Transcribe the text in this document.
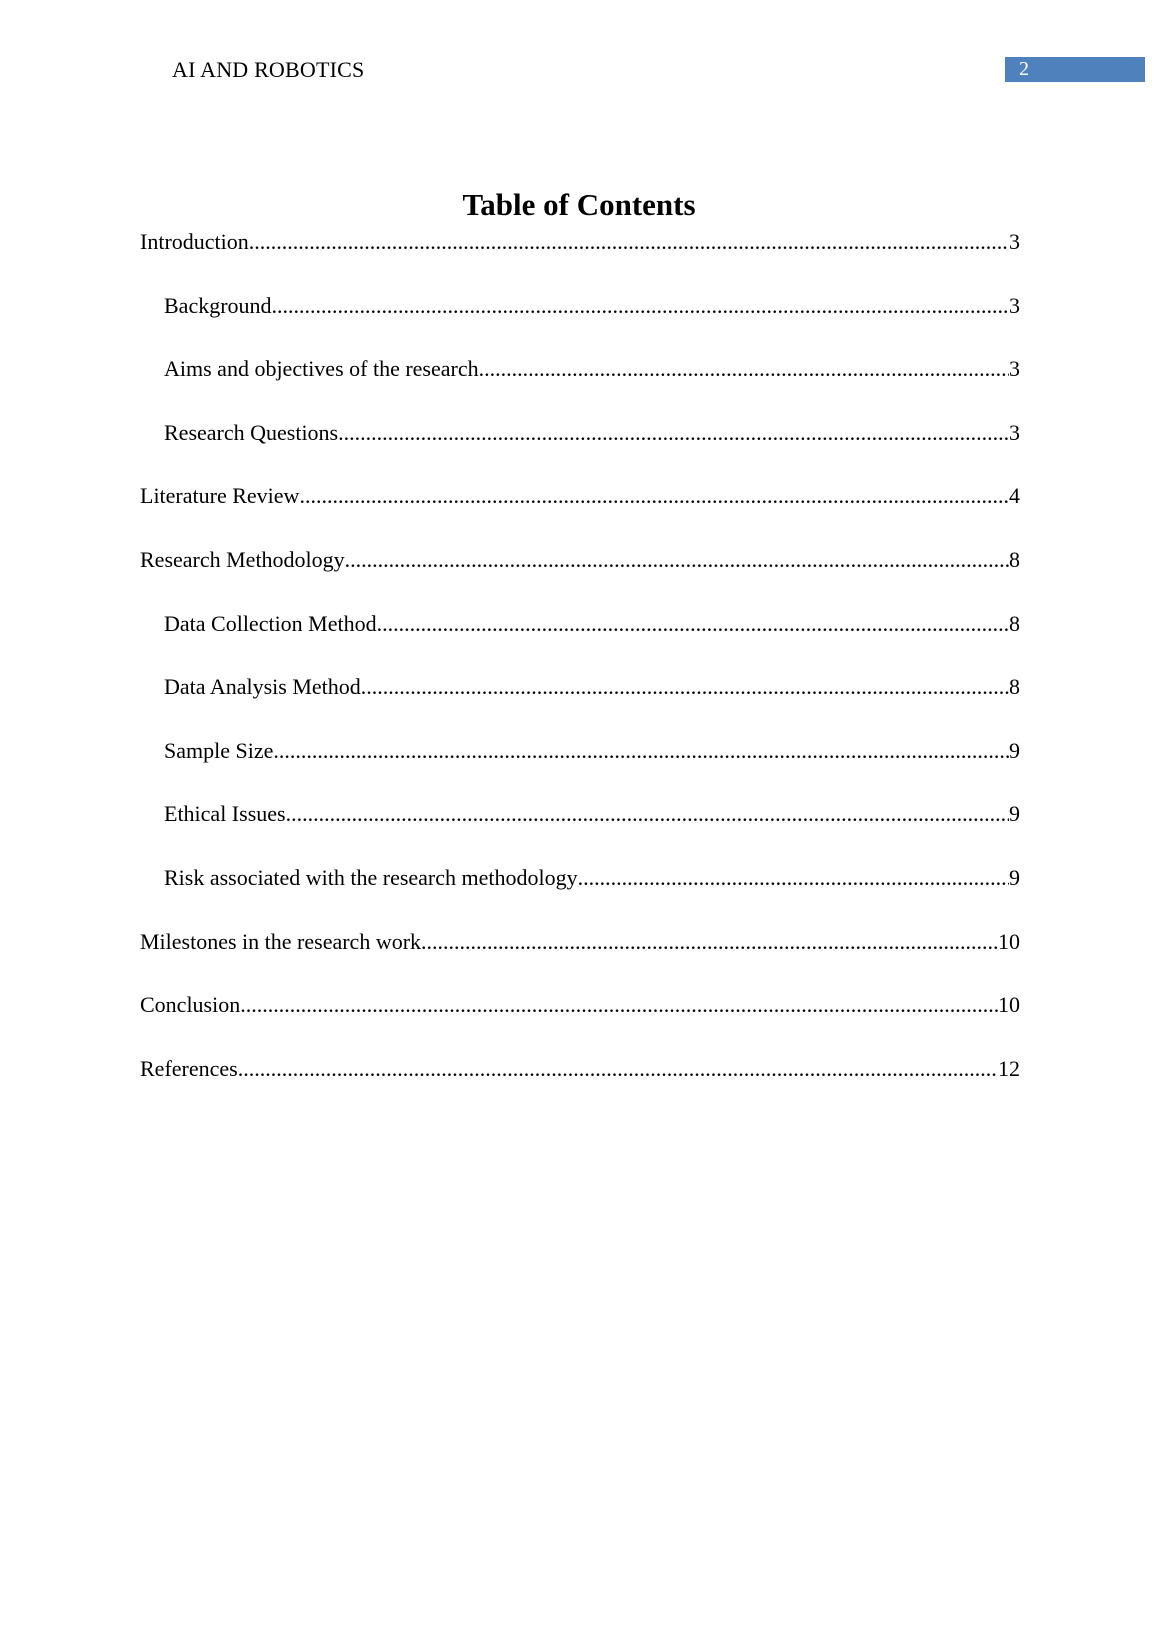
AI AND ROBOTICS	2
Table of Contents
Introduction .....	3
Background .....	3
Aims and objectives of the research .....	3
Research Questions .....	3
Literature Review .....	4
Research Methodology .....	8
Data Collection Method .....	8
Data Analysis Method .....	8
Sample Size .....	9
Ethical Issues .....	9
Risk associated with the research methodology .....	9
Milestones in the research work .....	10
Conclusion .....	10
References .....	12
